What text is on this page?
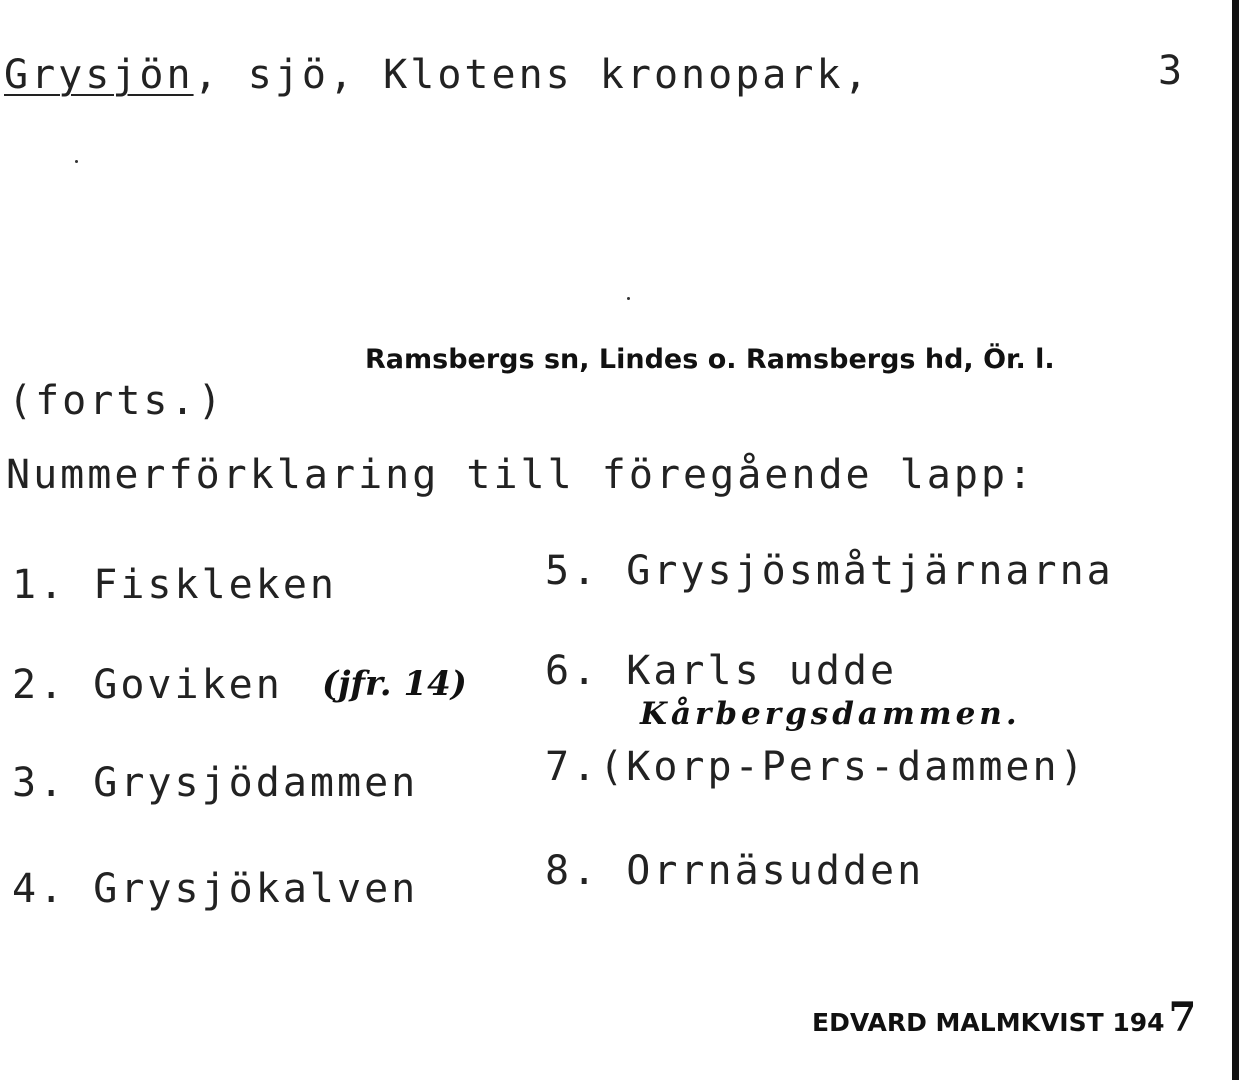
Grysjön, sjö, Klotens kronopark,	3
Ramsbergs sn, Lindes o. Ramsbergs hd, Ör. l.
(forts.)
Nummerförklaring till föregående lapp:
1. Fiskleken
2. Goviken (jfr. 14)
3. Grysjödammen
4. Grysjökalven
5. Grysjösmåtjärnarna
6. Karls udde
Kårbergsdammen.
7.(Korp-Pers-dammen)
8. Orrnäsudden
EDVARD MALMKVIST 194 7
